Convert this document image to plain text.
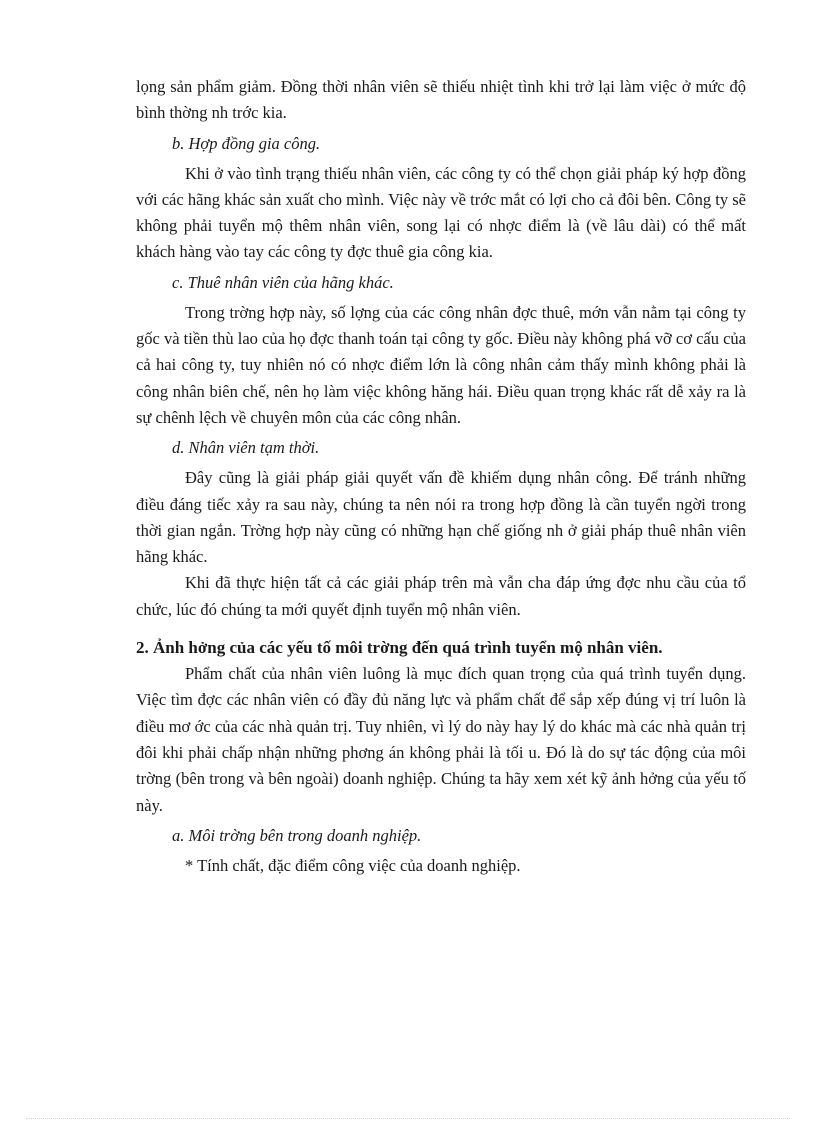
lọng sản phẩm giảm. Đồng thời nhân viên sẽ thiếu nhiệt tình khi trở lại làm việc ở mức độ bình thờng nh trớc kia.

b. Hợp đồng gia công.

Khi ở vào tình trạng thiếu nhân viên, các công ty có thể chọn giải pháp ký hợp đồng với các hãng khác sản xuất cho mình. Việc này về trớc mắt có lợi cho cả đôi bên. Công ty sẽ không phải tuyển mộ thêm nhân viên, song lại có nhợc điểm là (về lâu dài) có thể mất khách hàng vào tay các công ty đợc thuê gia công kia.

c. Thuê nhân viên của hãng khác.

Trong trờng hợp này, số lợng của các công nhân đợc thuê, mớn vẫn nằm tại công ty gốc và tiền thù lao của họ đợc thanh toán tại công ty gốc. Điều này không phá vỡ cơ cấu của cả hai công ty, tuy nhiên nó có nhợc điểm lớn là công nhân cảm thấy mình không phải là công nhân biên chế, nên họ làm việc không hăng hái. Điều quan trọng khác rất dễ xảy ra là sự chênh lệch về chuyên môn của các công nhân.

d. Nhân viên tạm thời.

Đây cũng là giải pháp giải quyết vấn đề khiếm dụng nhân công. Để tránh những điều đáng tiếc xảy ra sau này, chúng ta nên nói ra trong hợp đồng là cần tuyển ngời trong thời gian ngắn. Trờng hợp này cũng có những hạn chế giống nh ở giải pháp thuê nhân viên hãng khác.

Khi đã thực hiện tất cả các giải pháp trên mà vẫn cha đáp ứng đợc nhu cầu của tổ chức, lúc đó chúng ta mới quyết định tuyển mộ nhân viên.

2. Ảnh hởng của các yếu tố môi trờng đến quá trình tuyển mộ nhân viên.

Phẩm chất của nhân viên luông là mục đích quan trọng của quá trình tuyển dụng. Việc tìm đợc các nhân viên có đầy đủ năng lực và phẩm chất để sắp xếp đúng vị trí luôn là điều mơ ớc của các nhà quản trị. Tuy nhiên, vì lý do này hay lý do khác mà các nhà quản trị đôi khi phải chấp nhận những phơng án không phải là tối u. Đó là do sự tác động của môi trờng (bên trong và bên ngoài) doanh nghiệp. Chúng ta hãy xem xét kỹ ảnh hởng của yếu tố này.

a. Môi trờng bên trong doanh nghiệp.

* Tính chất, đặc điểm công việc của doanh nghiệp.
